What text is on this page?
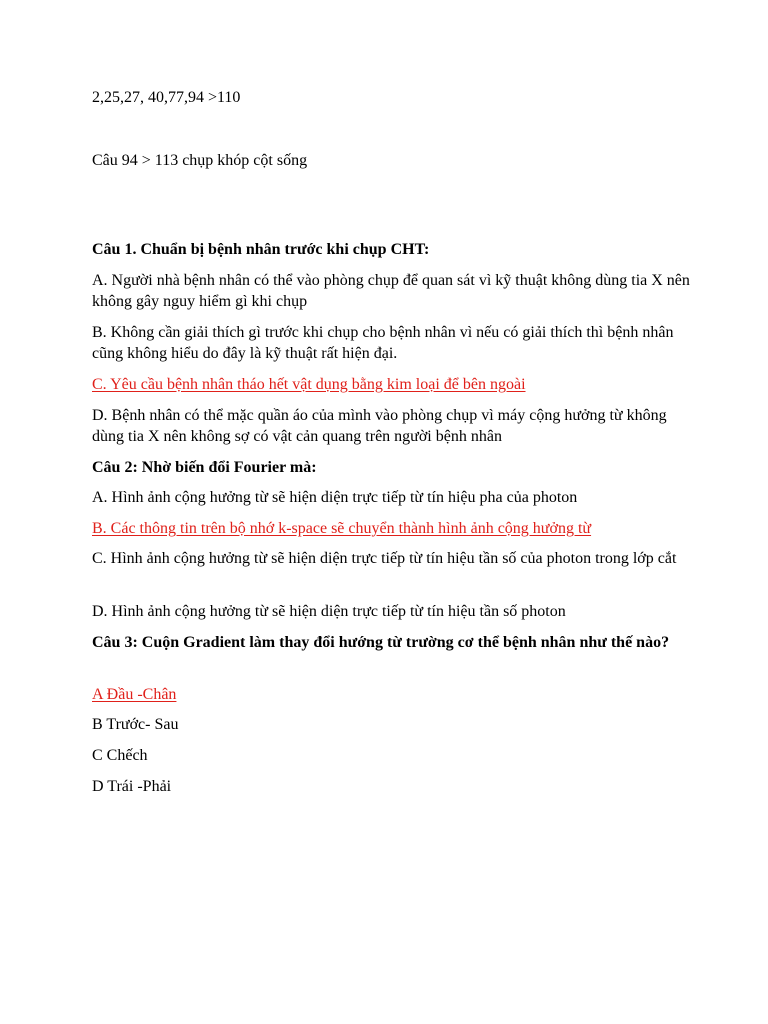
2,25,27, 40,77,94 >110
Câu 94 > 113 chụp khóp cột sống
Câu 1. Chuẩn bị bệnh nhân trước khi chụp CHT:
A. Người nhà bệnh nhân có thể vào phòng chụp để quan sát vì kỹ thuật không dùng tia X nên không gây nguy hiểm gì khi chụp
B. Không cần giải thích gì trước khi chụp cho bệnh nhân vì nếu có giải thích thì bệnh nhân cũng không hiểu do đây là kỹ thuật rất hiện đại.
C. Yêu cầu bệnh nhân tháo hết vật dụng bằng kim loại để bên ngoài
D. Bệnh nhân có thể mặc quần áo của mình vào phòng chụp vì máy cộng hưởng từ không dùng tia X nên không sợ có vật cản quang trên người bệnh nhân
Câu 2: Nhờ biến đổi Fourier mà:
A. Hình ảnh cộng hưởng từ sẽ hiện diện trực tiếp từ tín hiệu pha của photon
B. Các thông tin trên bộ nhớ k-space sẽ chuyển thành hình ảnh cộng hưởng từ
C. Hình ảnh cộng hưởng từ sẽ hiện diện trực tiếp từ tín hiệu tần số của photon trong lớp cắt
D. Hình ảnh cộng hưởng từ sẽ hiện diện trực tiếp từ tín hiệu tần số photon
Câu 3: Cuộn Gradient làm thay đổi hướng từ trường cơ thể bệnh nhân như thế nào?
A Đầu -Chân
B Trước- Sau
C Chếch
D Trái -Phải
